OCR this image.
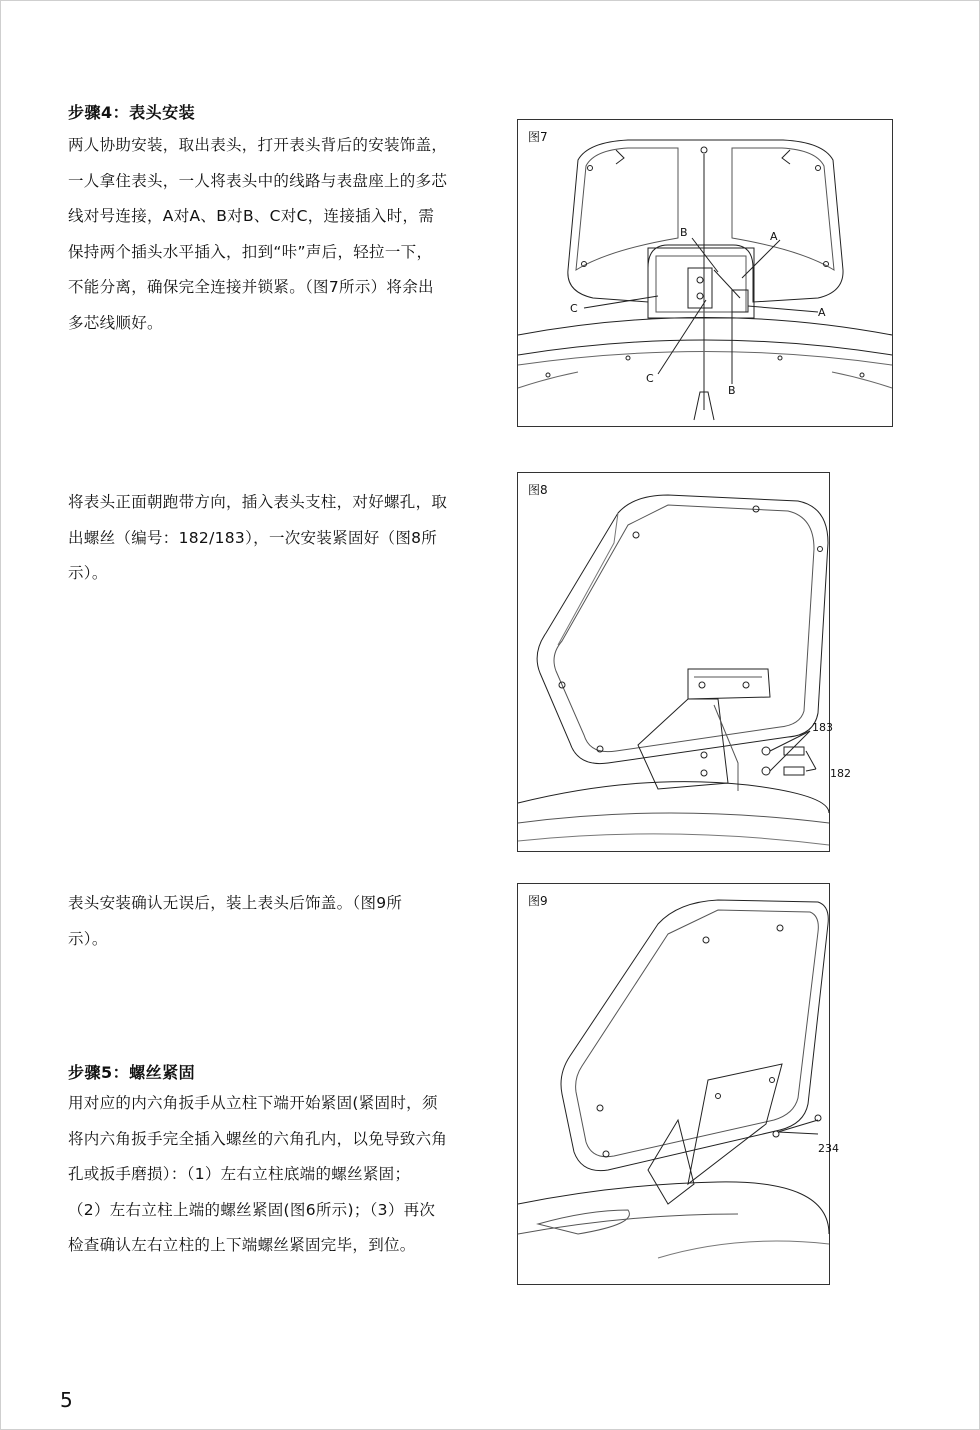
步骤4：表头安装

两人协助安装，取出表头，打开表头背后的安装饰盖，

一人拿住表头，一人将表头中的线路与表盘座上的多芯

线对号连接，A对A、B对B、C对C，连接插入时，需

保持两个插头水平插入，扣到“咔”声后，轻拉一下，

不能分离，确保完全连接并锁紧。（图7所示）将余出

多芯线顺好。

将表头正面朝跑带方向，插入表头支柱，对好螺孔，取

出螺丝（编号：182/183），一次安装紧固好（图8所

示）。

表头安装确认无误后，装上表头后饰盖。（图9所

示）。

步骤5：螺丝紧固

用对应的内六角扳手从立柱下端开始紧固(紧固时，须

将内六角扳手完全插入螺丝的六角孔内，以免导致六角

孔或扳手磨损）：（1）左右立柱底端的螺丝紧固；

（2）左右立柱上端的螺丝紧固(图6所示)；（3）再次

检查确认左右立柱的上下端螺丝紧固完毕，到位。

图7
B	A
C	A
C
B
图8
183
182
图9
234
5
